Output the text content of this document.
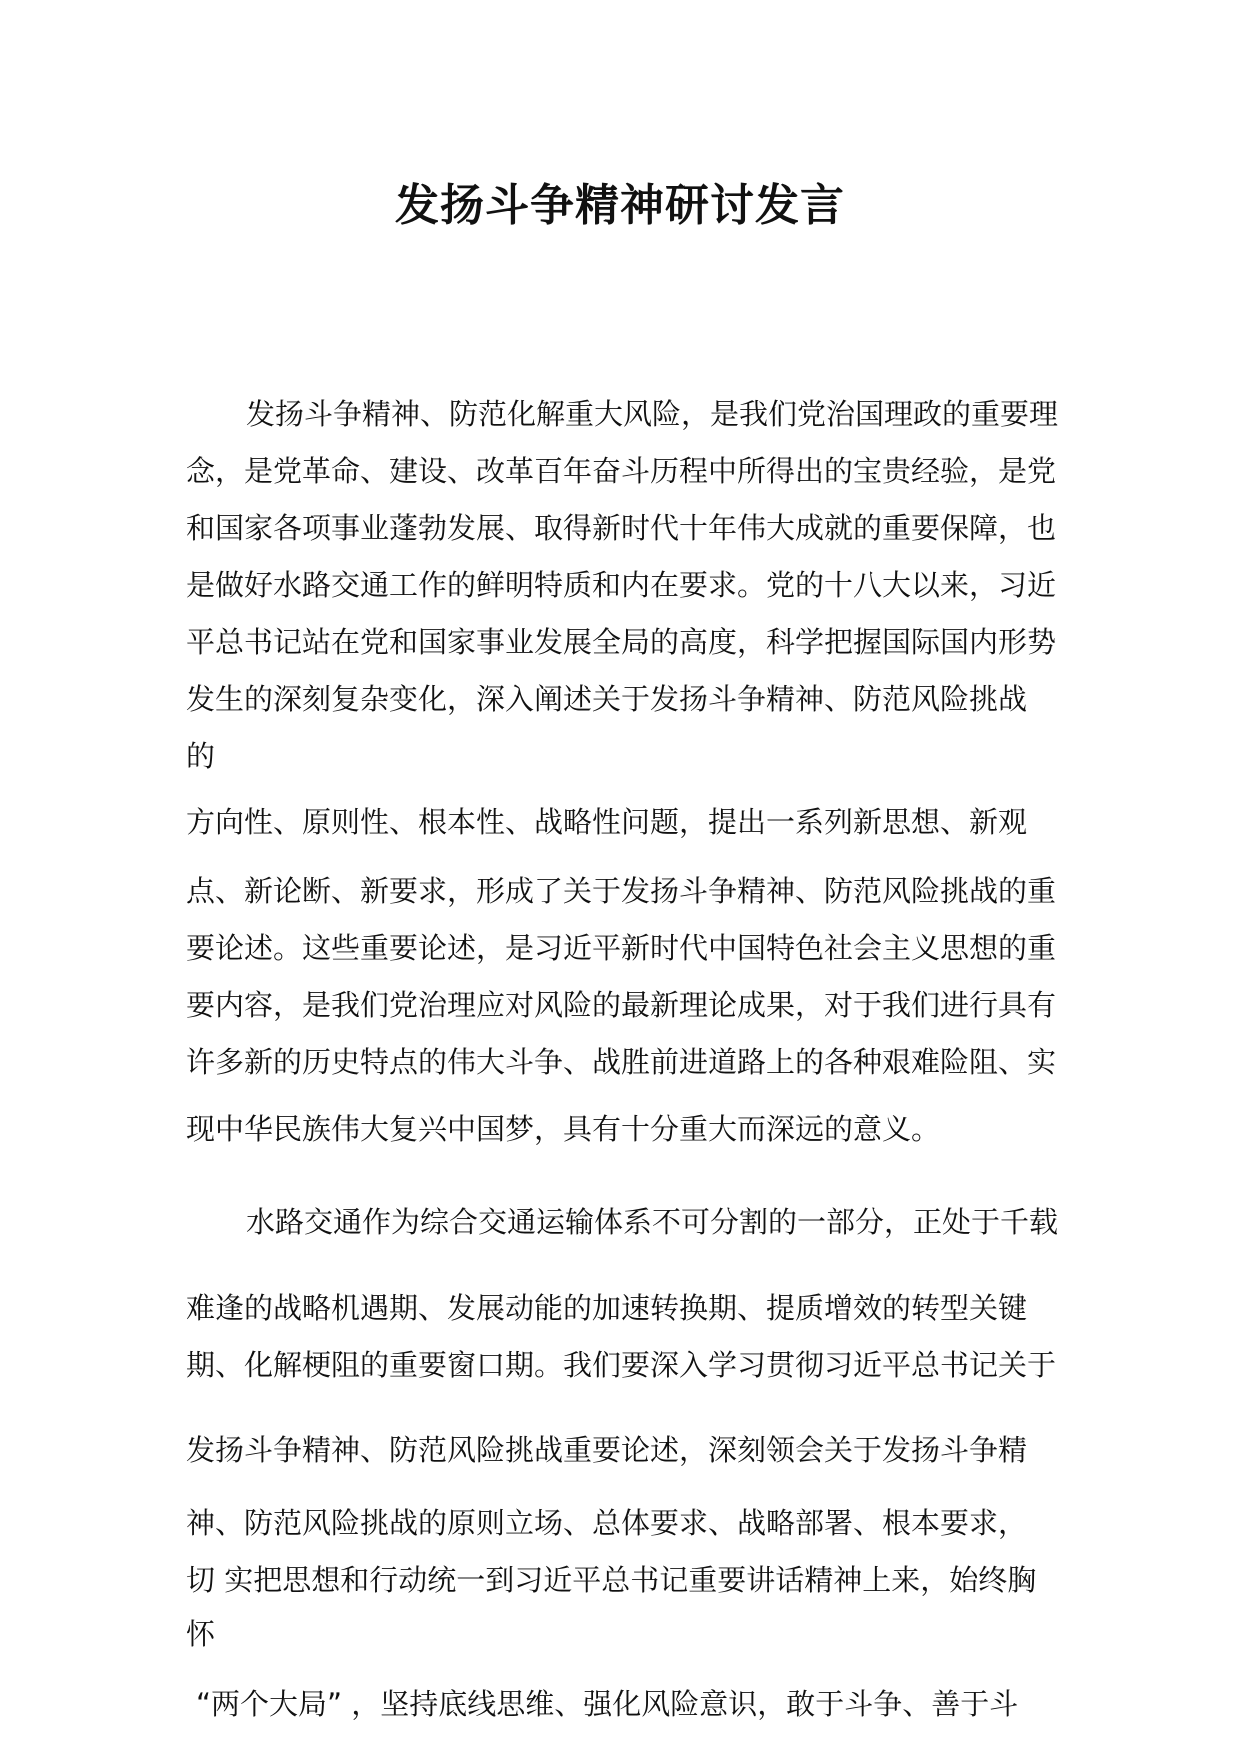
发扬斗争精神研讨发言
发扬斗争精神、防范化解重大风险，是我们党治国理政的重要理
念，是党革命、建设、改革百年奋斗历程中所得出的宝贵经验，是党
和国家各项事业蓬勃发展、取得新时代十年伟大成就的重要保障，也
是做好水路交通工作的鲜明特质和内在要求。党的十八大以来，习近
平总书记站在党和国家事业发展全局的高度，科学把握国际国内形势
发生的深刻复杂变化，深入阐述关于发扬斗争精神、防范风险挑战
的
方向性、原则性、根本性、战略性问题，提出一系列新思想、新观
点、新论断、新要求，形成了关于发扬斗争精神、防范风险挑战的重
要论述。这些重要论述，是习近平新时代中国特色社会主义思想的重
要内容，是我们党治理应对风险的最新理论成果，对于我们进行具有
许多新的历史特点的伟大斗争、战胜前进道路上的各种艰难险阻、实
现中华民族伟大复兴中国梦，具有十分重大而深远的意义。
水路交通作为综合交通运输体系不可分割的一部分，正处于千载
难逢的战略机遇期、发展动能的加速转换期、提质增效的转型关键
期、化解梗阻的重要窗口期。我们要深入学习贯彻习近平总书记关于
发扬斗争精神、防范风险挑战重要论述，深刻领会关于发扬斗争精
神、防范风险挑战的原则立场、总体要求、战略部署、根本要求，
切 实把思想和行动统一到习近平总书记重要讲话精神上来，始终胸
怀
“两个大局” ，坚持底线思维、强化风险意识，敢于斗争、善于斗
